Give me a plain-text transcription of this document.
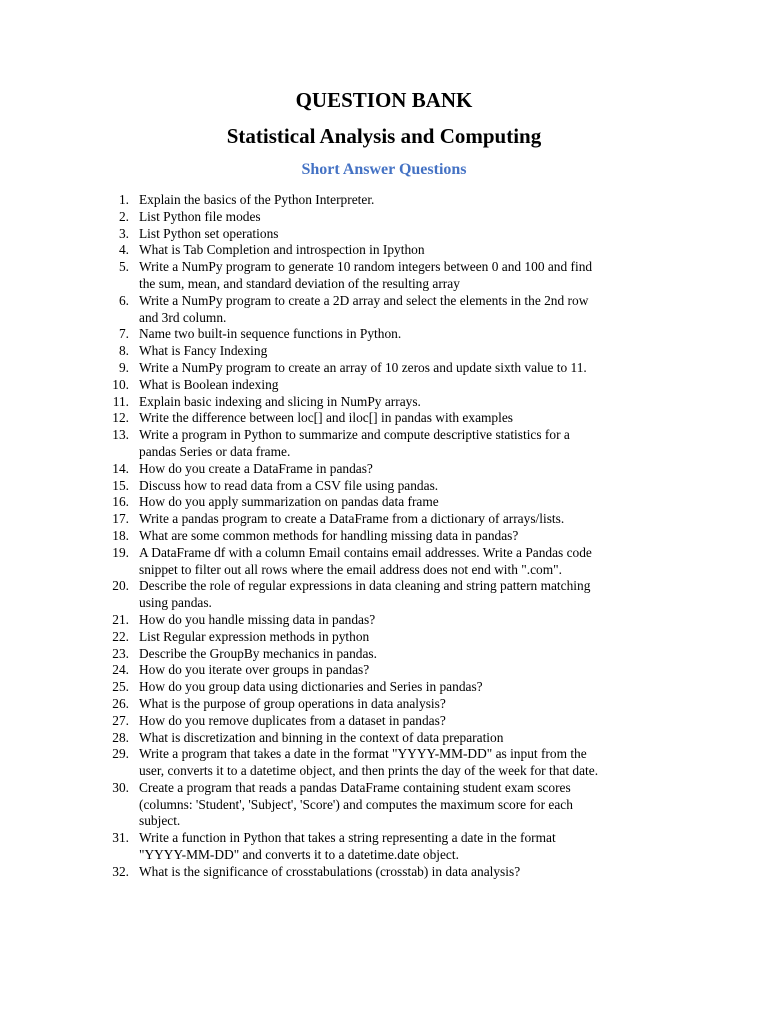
QUESTION BANK
Statistical Analysis and Computing
Short Answer Questions
1. Explain the basics of the Python Interpreter.
2. List Python file modes
3. List Python set operations
4. What is Tab Completion and introspection in Ipython
5. Write a NumPy program to generate 10 random integers between 0 and 100 and find
the sum, mean, and standard deviation of the resulting array
6. Write a NumPy program to create a 2D array and select the elements in the 2nd row
and 3rd column.
7. Name two built-in sequence functions in Python.
8. What is Fancy Indexing
9. Write a NumPy program to create an array of 10 zeros and update sixth value to 11.
10. What is Boolean indexing
11. Explain basic indexing and slicing in NumPy arrays.
12. Write the difference between loc[] and iloc[] in pandas with examples
13. Write a program in Python to summarize and compute descriptive statistics for a
pandas Series or data frame.
14. How do you create a DataFrame in pandas?
15. Discuss how to read data from a CSV file using pandas.
16. How do you apply summarization on pandas data frame
17. Write a pandas program to create a DataFrame from a dictionary of arrays/lists.
18. What are some common methods for handling missing data in pandas?
19. A DataFrame df with a column Email contains email addresses. Write a Pandas code
snippet to filter out all rows where the email address does not end with ".com".
20. Describe the role of regular expressions in data cleaning and string pattern matching
using pandas.
21. How do you handle missing data in pandas?
22. List Regular expression methods in python
23. Describe the GroupBy mechanics in pandas.
24. How do you iterate over groups in pandas?
25. How do you group data using dictionaries and Series in pandas?
26. What is the purpose of group operations in data analysis?
27. How do you remove duplicates from a dataset in pandas?
28. What is discretization and binning in the context of data preparation
29. Write a program that takes a date in the format "YYYY-MM-DD" as input from the
user, converts it to a datetime object, and then prints the day of the week for that date.
30. Create a program that reads a pandas DataFrame containing student exam scores
(columns: 'Student', 'Subject', 'Score') and computes the maximum score for each
subject.
31. Write a function in Python that takes a string representing a date in the format
"YYYY-MM-DD" and converts it to a datetime.date object.
32. What is the significance of crosstabulations (crosstab) in data analysis?
